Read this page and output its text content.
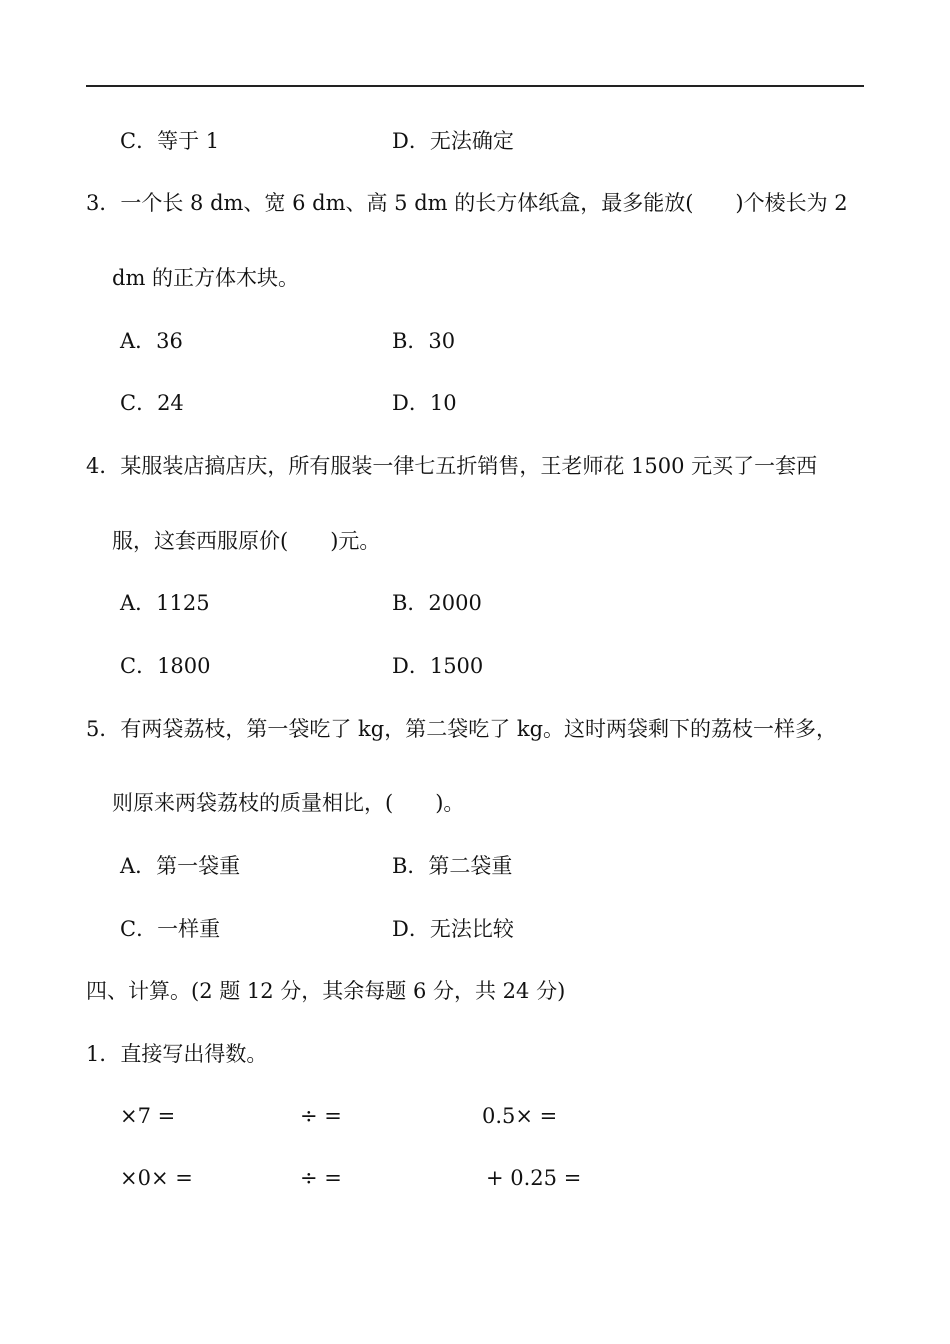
C．等于 1	D．无法确定
3．一个长 8 dm、宽 6 dm、高 5 dm 的长方体纸盒，最多能放(　　)个棱长为 2
dm 的正方体木块。
A．36	B．30
C．24	D．10
4．某服装店搞店庆，所有服装一律七五折销售，王老师花 1500 元买了一套西
服，这套西服原价(　　)元。
A．1125	B．2000
C．1800	D．1500
5．有两袋荔枝，第一袋吃了 kg，第二袋吃了 kg。这时两袋剩下的荔枝一样多，
则原来两袋荔枝的质量相比，(　　)。
A．第一袋重	B．第二袋重
C．一样重	D．无法比较
四、计算。(2 题 12 分，其余每题 6 分，共 24 分)
1．直接写出得数。
×7 =	÷ =	0.5× =
×0× =	÷ =	+ 0.25 =
